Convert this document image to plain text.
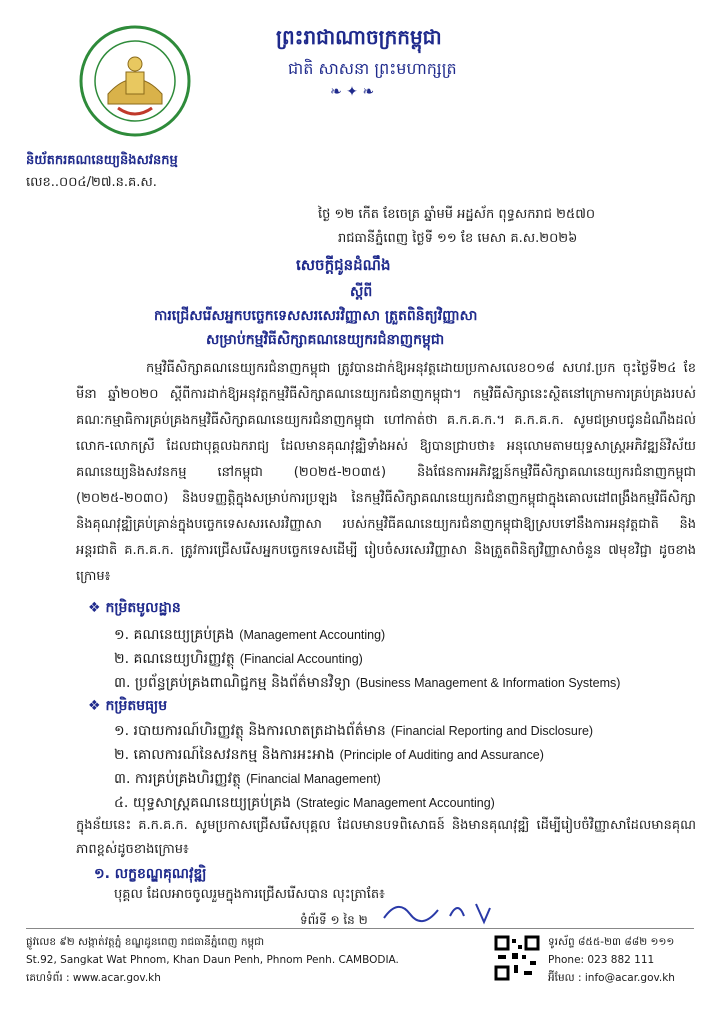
ព្រះរាជាណាចក្រកម្ពុជា
ជាតិ សាសនា ព្រះមហាក្សត្រ
❧ ✦ ❧
និយ័តករគណនេយ្យនិងសវនកម្ម
លេខ..០០៤/២៧.ន.គ.ស.
ថ្ងៃ ១២ កើត ខែចេត្រ ឆ្នាំមមី អដ្ឋស័ក ពុទ្ធសករាជ ២៥៧០
រាជធានីភ្នំពេញ ថ្ងៃទី ១១ ខែ មេសា គ.ស.២០២៦
សេចក្តីជូនដំណឹង
ស្តីពី
ការជ្រើសរើសអ្នកបច្ចេកទេសសរសេរវិញ្ញាសា ត្រួតពិនិត្យវិញ្ញាសា
សម្រាប់កម្មវិធីសិក្សាគណនេយ្យករជំនាញកម្ពុជា
កម្មវិធីសិក្សាគណនេយ្យករជំនាញកម្ពុជា ត្រូវបានដាក់ឱ្យអនុវត្តដោយប្រកាសលេខ០១៨ សហវ.ប្រក ចុះថ្ងៃទី២៤ ខែមីនា ឆ្នាំ២០២០ ស្តីពីការដាក់ឱ្យអនុវត្តកម្មវិធីសិក្សាគណនេយ្យករជំនាញកម្ពុជា។ កម្មវិធីសិក្សានេះស្ថិតនៅក្រោមការគ្រប់គ្រងរបស់គណៈកម្មាធិការគ្រប់គ្រងកម្មវិធីសិក្សាគណនេយ្យករជំនាញកម្ពុជា ហៅកាត់ថា គ.ក.គ.ក.។ គ.ក.គ.ក. សូមជម្រាបជូនដំណឹងដល់ លោក-លោកស្រី ដែលជាបុគ្គលឯករាជ្យ ដែលមានគុណវុឌ្ឍិទាំងអស់ ឱ្យបានជ្រាបថា៖ អនុលោមតាមយុទ្ធសាស្ត្រអភិវឌ្ឍន៍វិស័យគណនេយ្យនិងសវនកម្ម នៅកម្ពុជា (២០២៥-២០៣៥) និងផែនការអភិវឌ្ឍន៍កម្មវិធីសិក្សាគណនេយ្យករជំនាញកម្ពុជា (២០២៥-២០៣០) និងបទញ្ញត្តិក្នុងសម្រាប់ការប្រឡង នៃកម្មវិធីសិក្សាគណនេយ្យករជំនាញកម្ពុជាក្នុងគោលដៅពង្រឹងកម្មវិធីសិក្សា និងគុណវុឌ្ឍិគ្រប់គ្រាន់ក្នុងបច្ចេកទេសសរសេរវិញ្ញាសា របស់កម្មវិធីគណនេយ្យករជំនាញកម្ពុជាឱ្យស្របទៅនឹងការអនុវត្តជាតិ និងអន្តរជាតិ គ.ក.គ.ក. ត្រូវការជ្រើសរើសអ្នកបច្ចេកទេសដើម្បី រៀបចំសរសេរវិញ្ញាសា និងត្រួតពិនិត្យវិញ្ញាសាចំនួន ៧មុខវិជ្ជា ដូចខាងក្រោម៖
❖ កម្រិតមូលដ្ឋាន
១. គណនេយ្យគ្រប់គ្រង (Management Accounting)
២. គណនេយ្យហិរញ្ញវត្ថុ (Financial Accounting)
៣. ប្រព័ន្ធគ្រប់គ្រងពាណិជ្ជកម្ម និងព័ត៌មានវិទ្យា (Business Management & Information Systems)
❖ កម្រិតមធ្យម
១. របាយការណ៍ហិរញ្ញវត្ថុ និងការលាតត្រដាងព័ត៌មាន (Financial Reporting and Disclosure)
២. គោលការណ៍នៃសវនកម្ម និងការអះអាង (Principle of Auditing and Assurance)
៣. ការគ្រប់គ្រងហិរញ្ញវត្ថុ (Financial Management)
៤. យុទ្ធសាស្ត្រគណនេយ្យគ្រប់គ្រង (Strategic Management Accounting)
ក្នុងន័យនេះ គ.ក.គ.ក. សូមប្រកាសជ្រើសរើសបុគ្គល ដែលមានបទពិសោធន៍ និងមានគុណវុឌ្ឍិ ដើម្បីរៀបចំវិញ្ញាសាដែលមានគុណភាពខ្ពស់ដូចខាងក្រោម៖
១. លក្ខខណ្ឌគុណវុឌ្ឍិ
បុគ្គល ដែលអាចចូលរួមក្នុងការជ្រើសរើសបាន លុះត្រាតែ៖
ទំព័រទី ១ នៃ ២
ផ្លូវលេខ ៩២ សង្កាត់វត្តភ្នំ ខណ្ឌដូនពេញ រាជធានីភ្នំពេញ កម្ពុជា
St.92, Sangkat Wat Phnom, Khan Daun Penh, Phnom Penh. CAMBODIA.
គេហទំព័រ : www.acar.gov.kh
ទូរស័ព្ទ ៨៥៥-២៣ ៨៨២ ១១១
Phone: 023 882 111
អ៊ីមែល : info@acar.gov.kh
